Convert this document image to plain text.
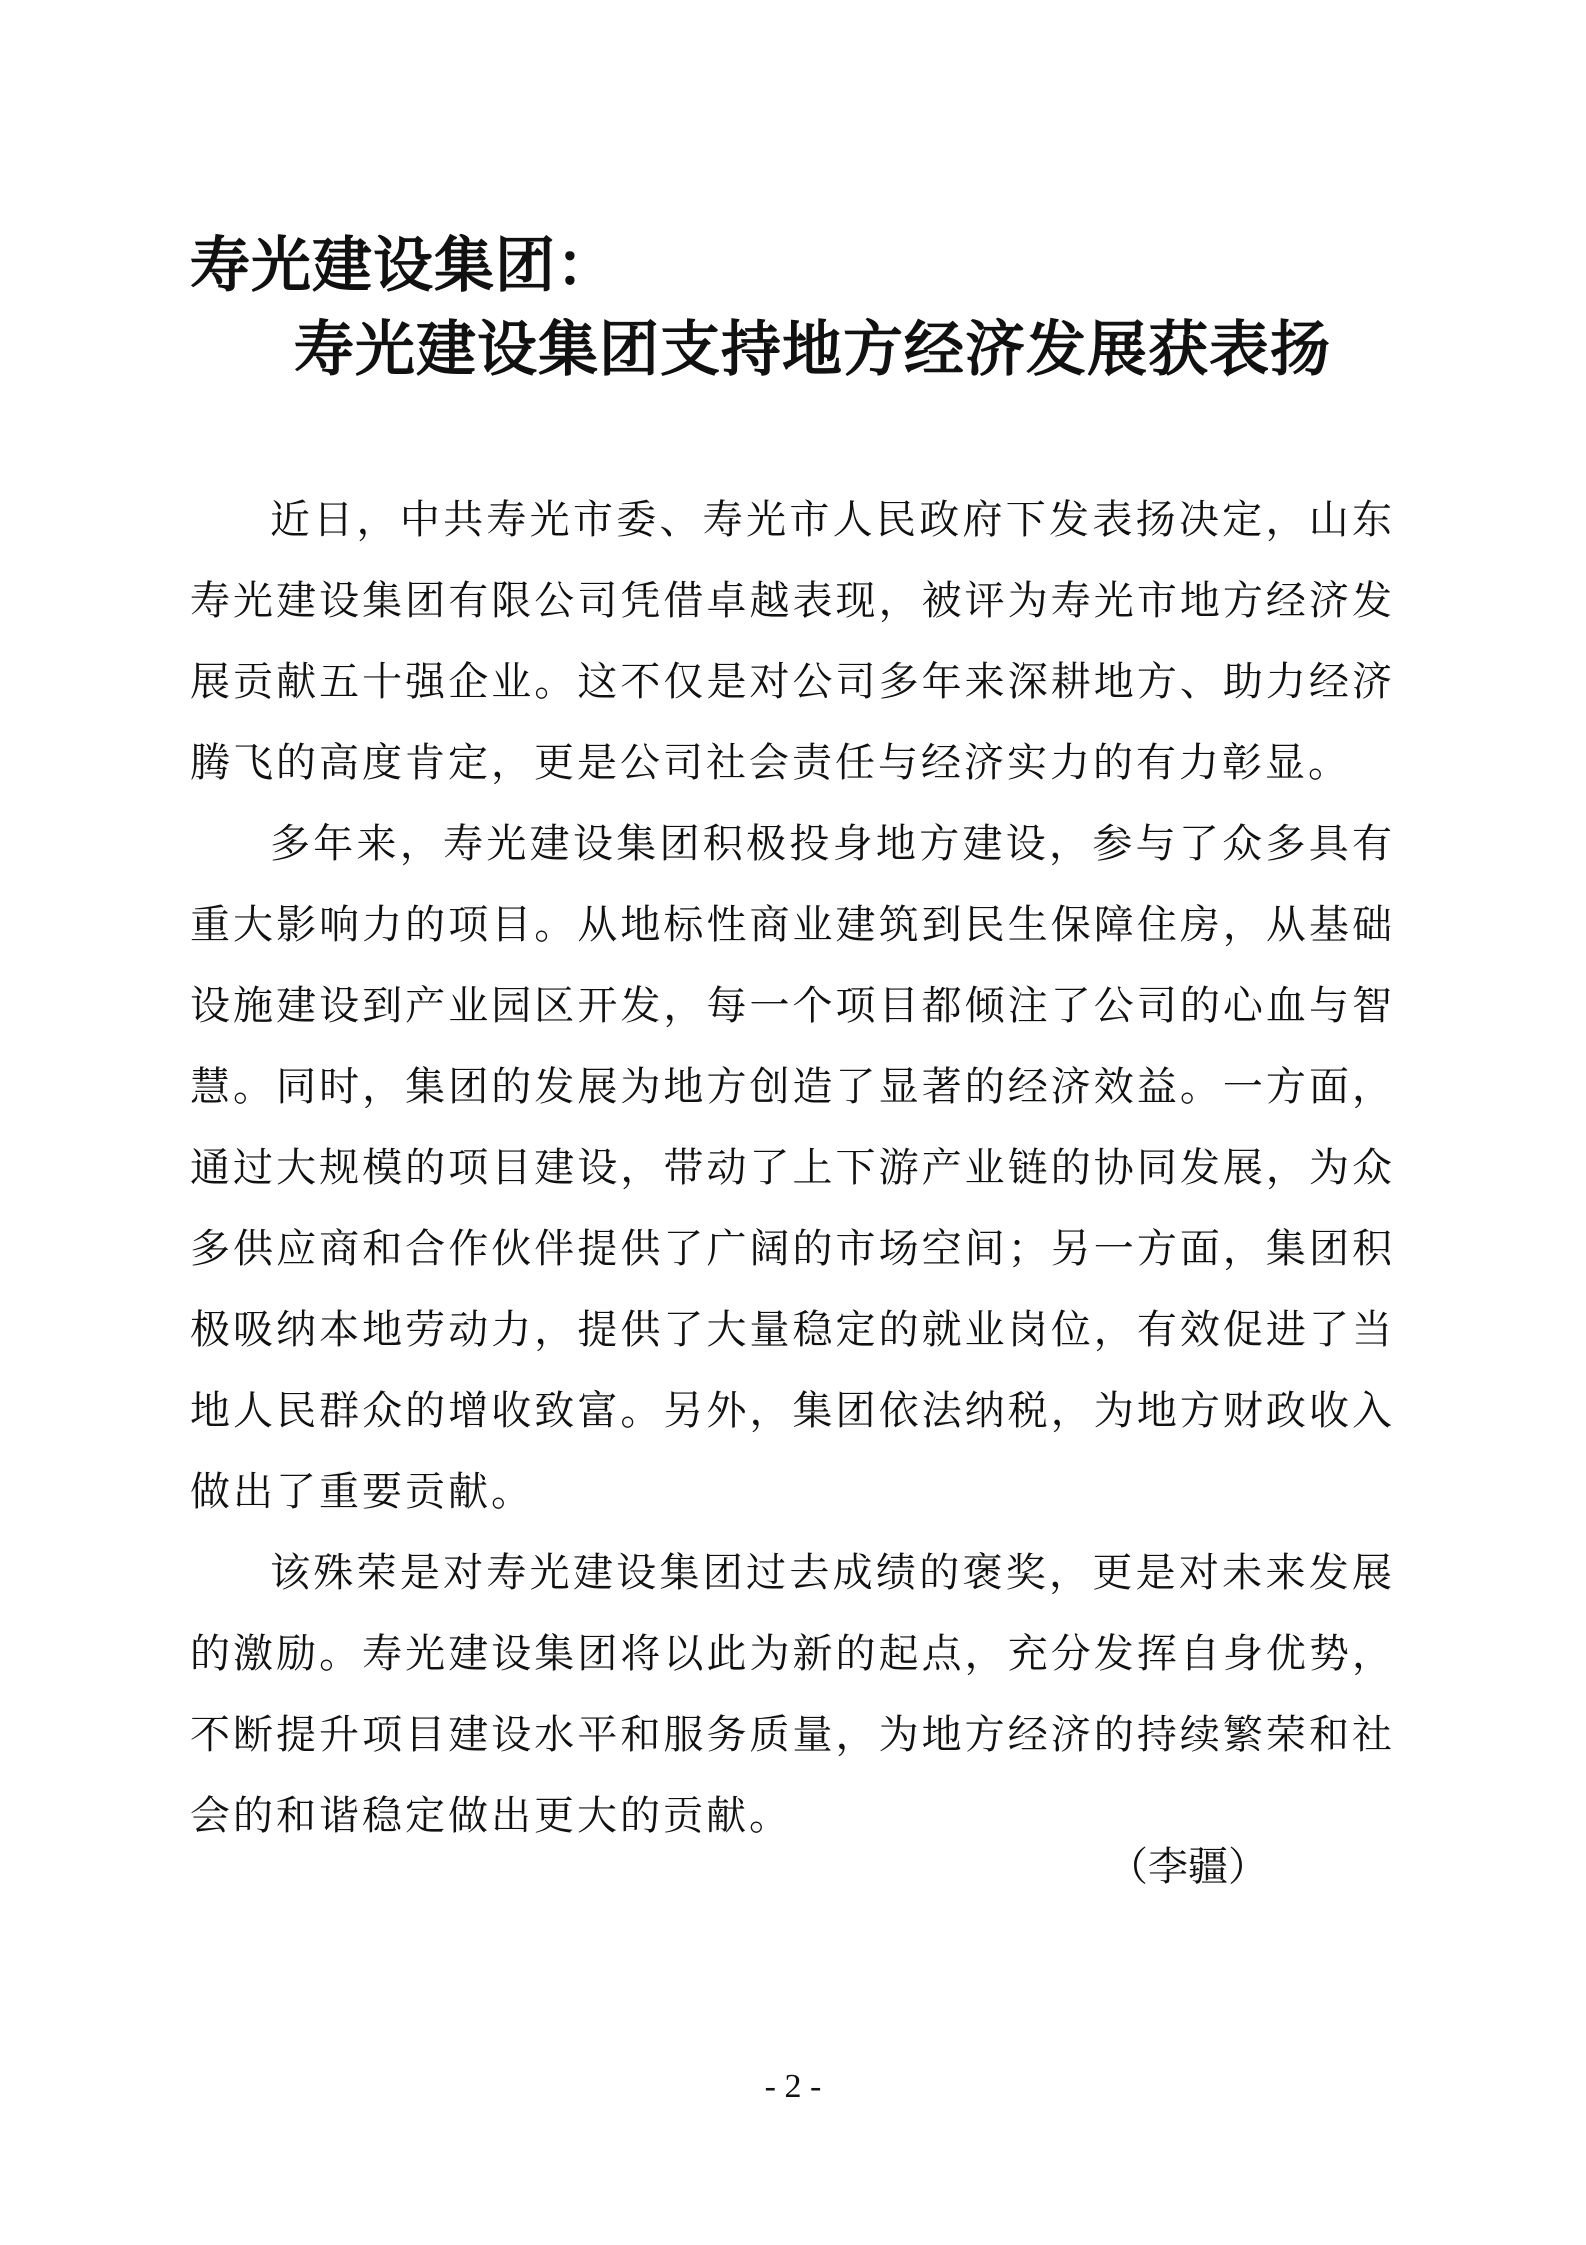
寿光建设集团：
寿光建设集团支持地方经济发展获表扬

近日，中共寿光市委、寿光市人民政府下发表扬决定，山东寿光建设集团有限公司凭借卓越表现，被评为寿光市地方经济发展贡献五十强企业。这不仅是对公司多年来深耕地方、助力经济腾飞的高度肯定，更是公司社会责任与经济实力的有力彰显。

多年来，寿光建设集团积极投身地方建设，参与了众多具有重大影响力的项目。从地标性商业建筑到民生保障住房，从基础设施建设到产业园区开发，每一个项目都倾注了公司的心血与智慧。同时，集团的发展为地方创造了显著的经济效益。一方面，通过大规模的项目建设，带动了上下游产业链的协同发展，为众多供应商和合作伙伴提供了广阔的市场空间；另一方面，集团积极吸纳本地劳动力，提供了大量稳定的就业岗位，有效促进了当地人民群众的增收致富。另外，集团依法纳税，为地方财政收入做出了重要贡献。

该殊荣是对寿光建设集团过去成绩的褒奖，更是对未来发展的激励。寿光建设集团将以此为新的起点，充分发挥自身优势，不断提升项目建设水平和服务质量，为地方经济的持续繁荣和社会的和谐稳定做出更大的贡献。

（李疆）
- 2 -
